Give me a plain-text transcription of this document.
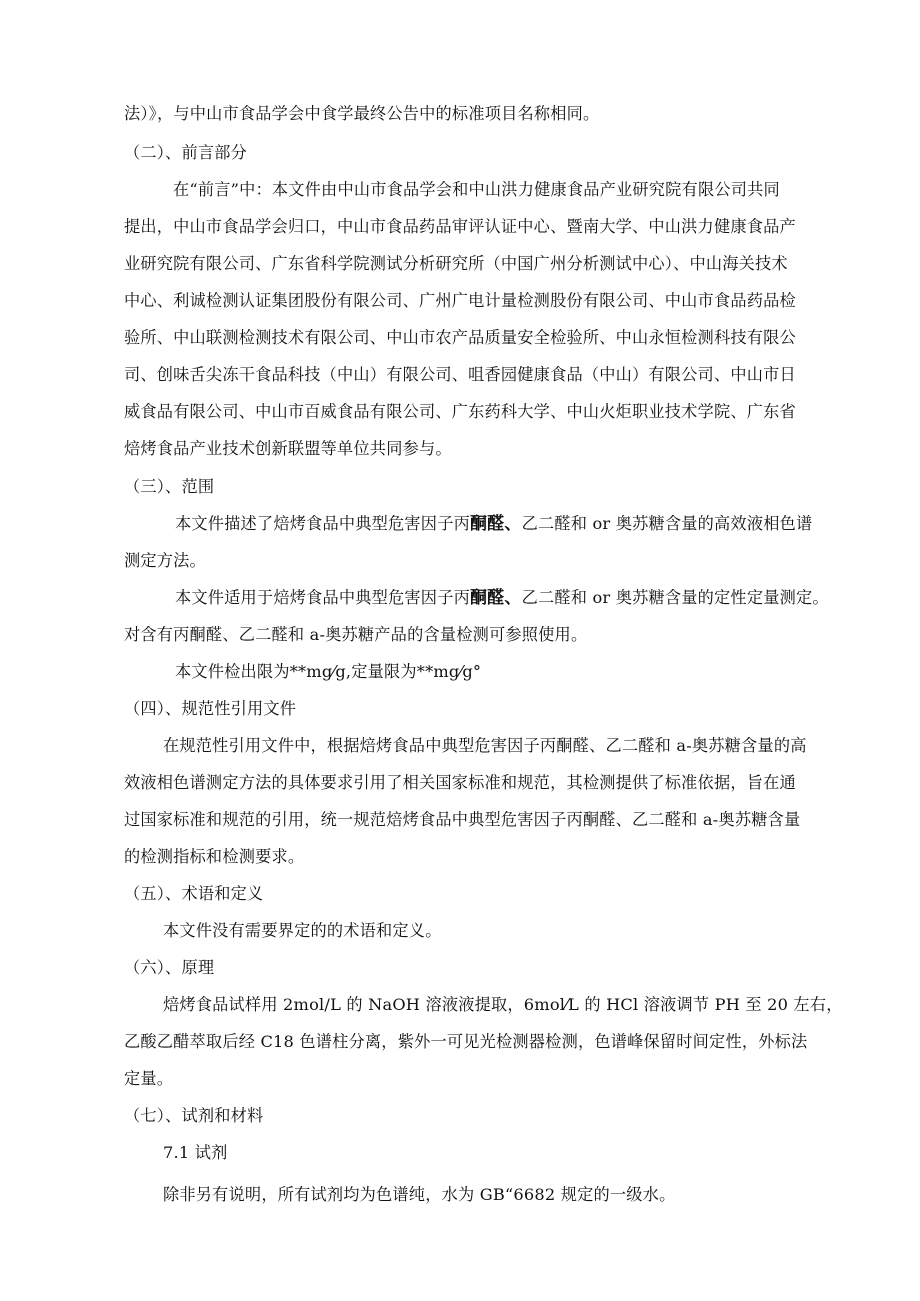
法）》，与中山市食品学会中食学最终公告中的标准项目名称相同。
（二）、前言部分
在“前言”中：本文件由中山市食品学会和中山洪力健康食品产业研究院有限公司共同
提出，中山市食品学会归口，中山市食品药品审评认证中心、暨南大学、中山洪力健康食品产
业研究院有限公司、广东省科学院测试分析研究所（中国广州分析测试中心）、中山海关技术
中心、利诚检测认证集团股份有限公司、广州广电计量检测股份有限公司、中山市食品药品检
验所、中山联测检测技术有限公司、中山市农产品质量安全检验所、中山永恒检测科技有限公
司、创味舌尖冻干食品科技（中山）有限公司、咀香园健康食品（中山）有限公司、中山市日
威食品有限公司、中山市百威食品有限公司、广东药科大学、中山火炬职业技术学院、广东省
焙烤食品产业技术创新联盟等单位共同参与。
（三）、范围
本文件描述了焙烤食品中典型危害因子丙酮醛、乙二醛和 or 奥苏糖含量的高效液相色谱
测定方法。
本文件适用于焙烤食品中典型危害因子丙酮醛、乙二醛和 or 奥苏糖含量的定性定量测定。
对含有丙酮醛、乙二醛和 a-奥苏糖产品的含量检测可参照使用。
本文件检出限为**mg⁄g,定量限为**mg⁄g°
（四）、规范性引用文件
在规范性引用文件中，根据焙烤食品中典型危害因子丙酮醛、乙二醛和 a-奥苏糖含量的高
效液相色谱测定方法的具体要求引用了相关国家标准和规范，其检测提供了标准依据，旨在通
过国家标准和规范的引用，统一规范焙烤食品中典型危害因子丙酮醛、乙二醛和 a-奥苏糖含量
的检测指标和检测要求。
（五）、术语和定义
本文件没有需要界定的的术语和定义。
（六）、原理
焙烤食品试样用 2mol/L 的 NaOH 溶液液提取，6mol⁄L 的 HCl 溶液调节 PH 至 20 左右，
乙酸乙醋萃取后经 C18 色谱柱分离，紫外一可见光检测器检测，色谱峰保留时间定性，外标法
定量。
（七）、试剂和材料
7.1 试剂
除非另有说明，所有试剂均为色谱纯，水为 GB“6682 规定的一级水。
